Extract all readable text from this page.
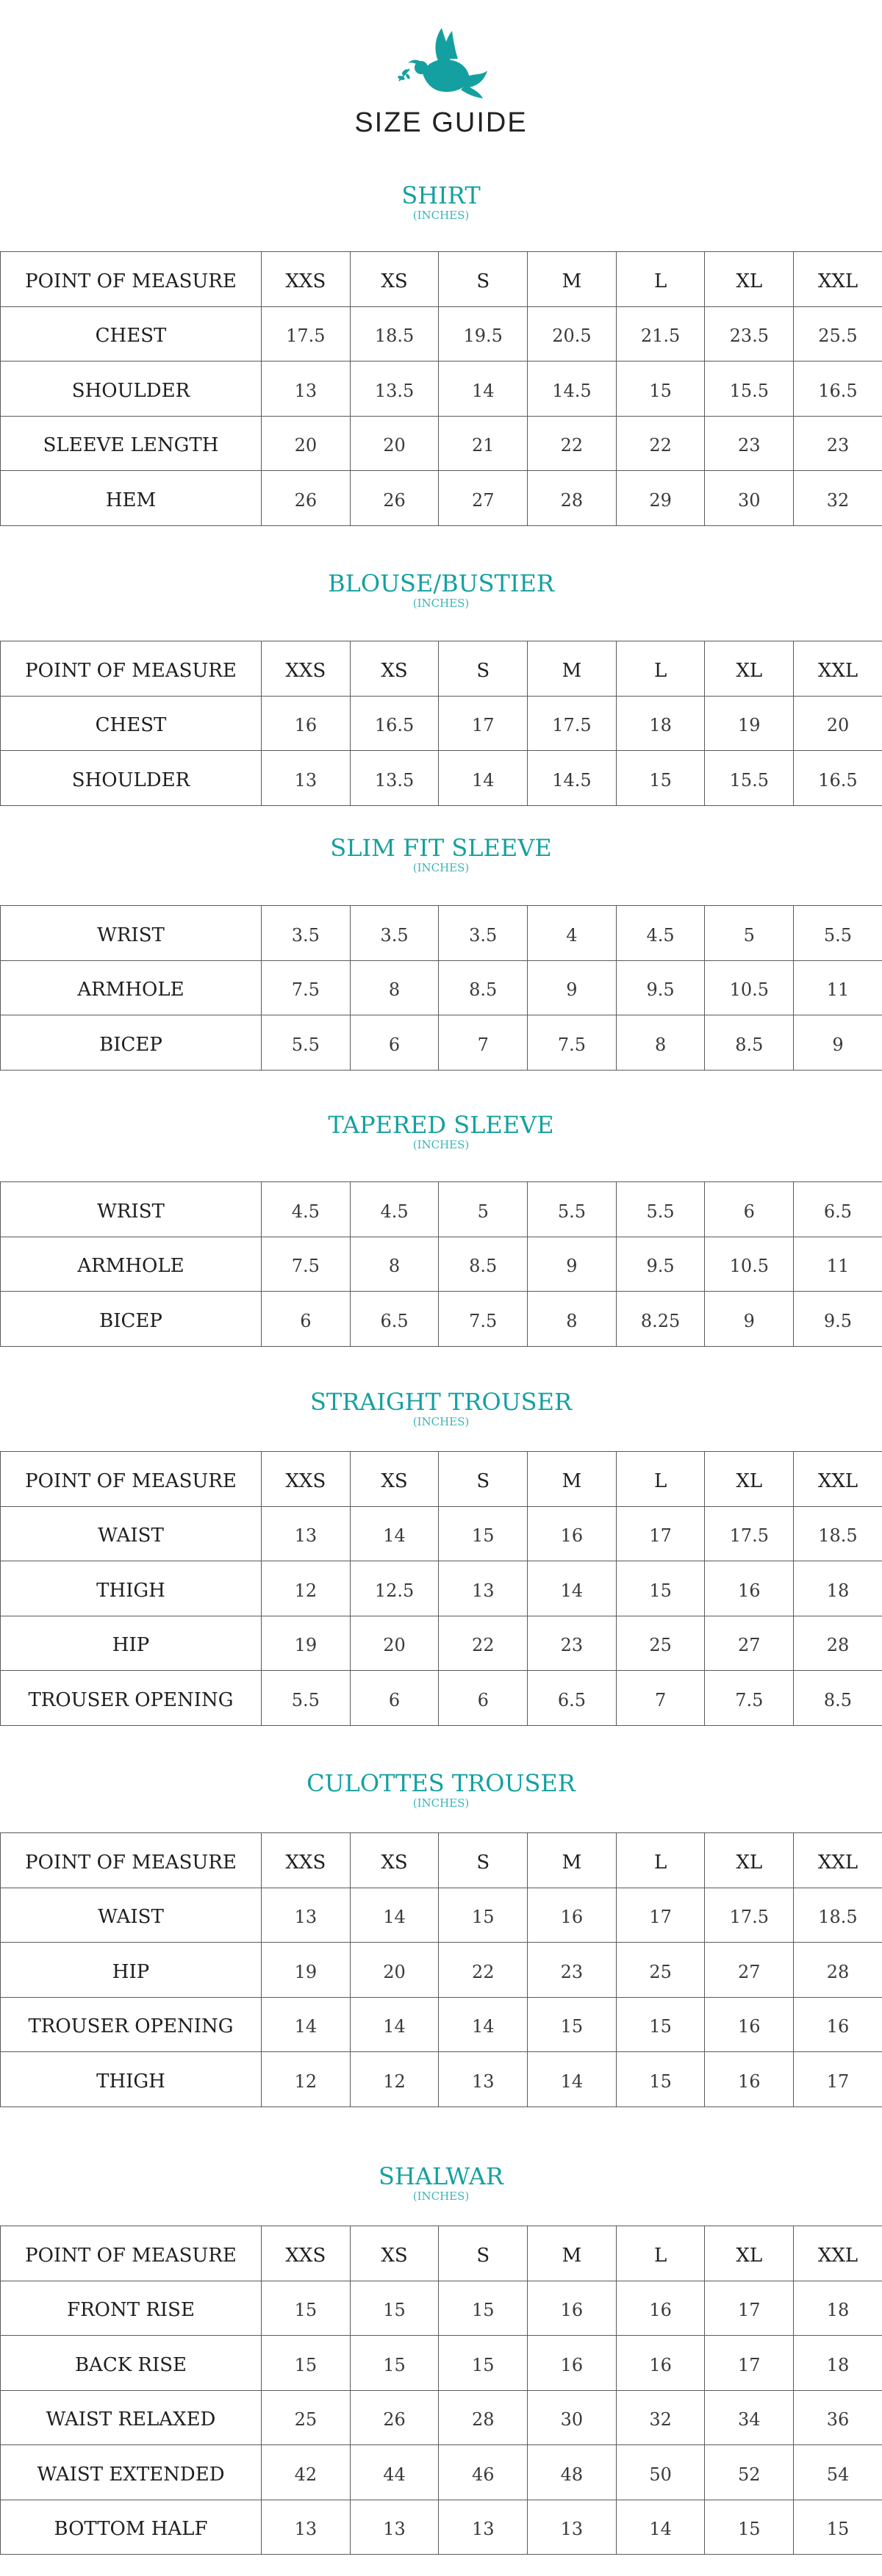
SIZE GUIDE
SHIRT
(INCHES)
POINT OF MEASURE	XXS	XS	S	M	L	XL	XXL
CHEST	17.5	18.5	19.5	20.5	21.5	23.5	25.5
SHOULDER	13	13.5	14	14.5	15	15.5	16.5
SLEEVE LENGTH	20	20	21	22	22	23	23
HEM	26	26	27	28	29	30	32
BLOUSE/BUSTIER
(INCHES)
POINT OF MEASURE	XXS	XS	S	M	L	XL	XXL
CHEST	16	16.5	17	17.5	18	19	20
SHOULDER	13	13.5	14	14.5	15	15.5	16.5
SLIM FIT SLEEVE
(INCHES)
WRIST	3.5	3.5	3.5	4	4.5	5	5.5
ARMHOLE	7.5	8	8.5	9	9.5	10.5	11
BICEP	5.5	6	7	7.5	8	8.5	9
TAPERED SLEEVE
(INCHES)
WRIST	4.5	4.5	5	5.5	5.5	6	6.5
ARMHOLE	7.5	8	8.5	9	9.5	10.5	11
BICEP	6	6.5	7.5	8	8.25	9	9.5
STRAIGHT TROUSER
(INCHES)
POINT OF MEASURE	XXS	XS	S	M	L	XL	XXL
WAIST	13	14	15	16	17	17.5	18.5
THIGH	12	12.5	13	14	15	16	18
HIP	19	20	22	23	25	27	28
TROUSER OPENING	5.5	6	6	6.5	7	7.5	8.5
CULOTTES TROUSER
(INCHES)
POINT OF MEASURE	XXS	XS	S	M	L	XL	XXL
WAIST	13	14	15	16	17	17.5	18.5
HIP	19	20	22	23	25	27	28
TROUSER OPENING	14	14	14	15	15	16	16
THIGH	12	12	13	14	15	16	17
SHALWAR
(INCHES)
POINT OF MEASURE	XXS	XS	S	M	L	XL	XXL
FRONT RISE	15	15	15	16	16	17	18
BACK RISE	15	15	15	16	16	17	18
WAIST RELAXED	25	26	28	30	32	34	36
WAIST EXTENDED	42	44	46	48	50	52	54
BOTTOM HALF	13	13	13	13	14	15	15
